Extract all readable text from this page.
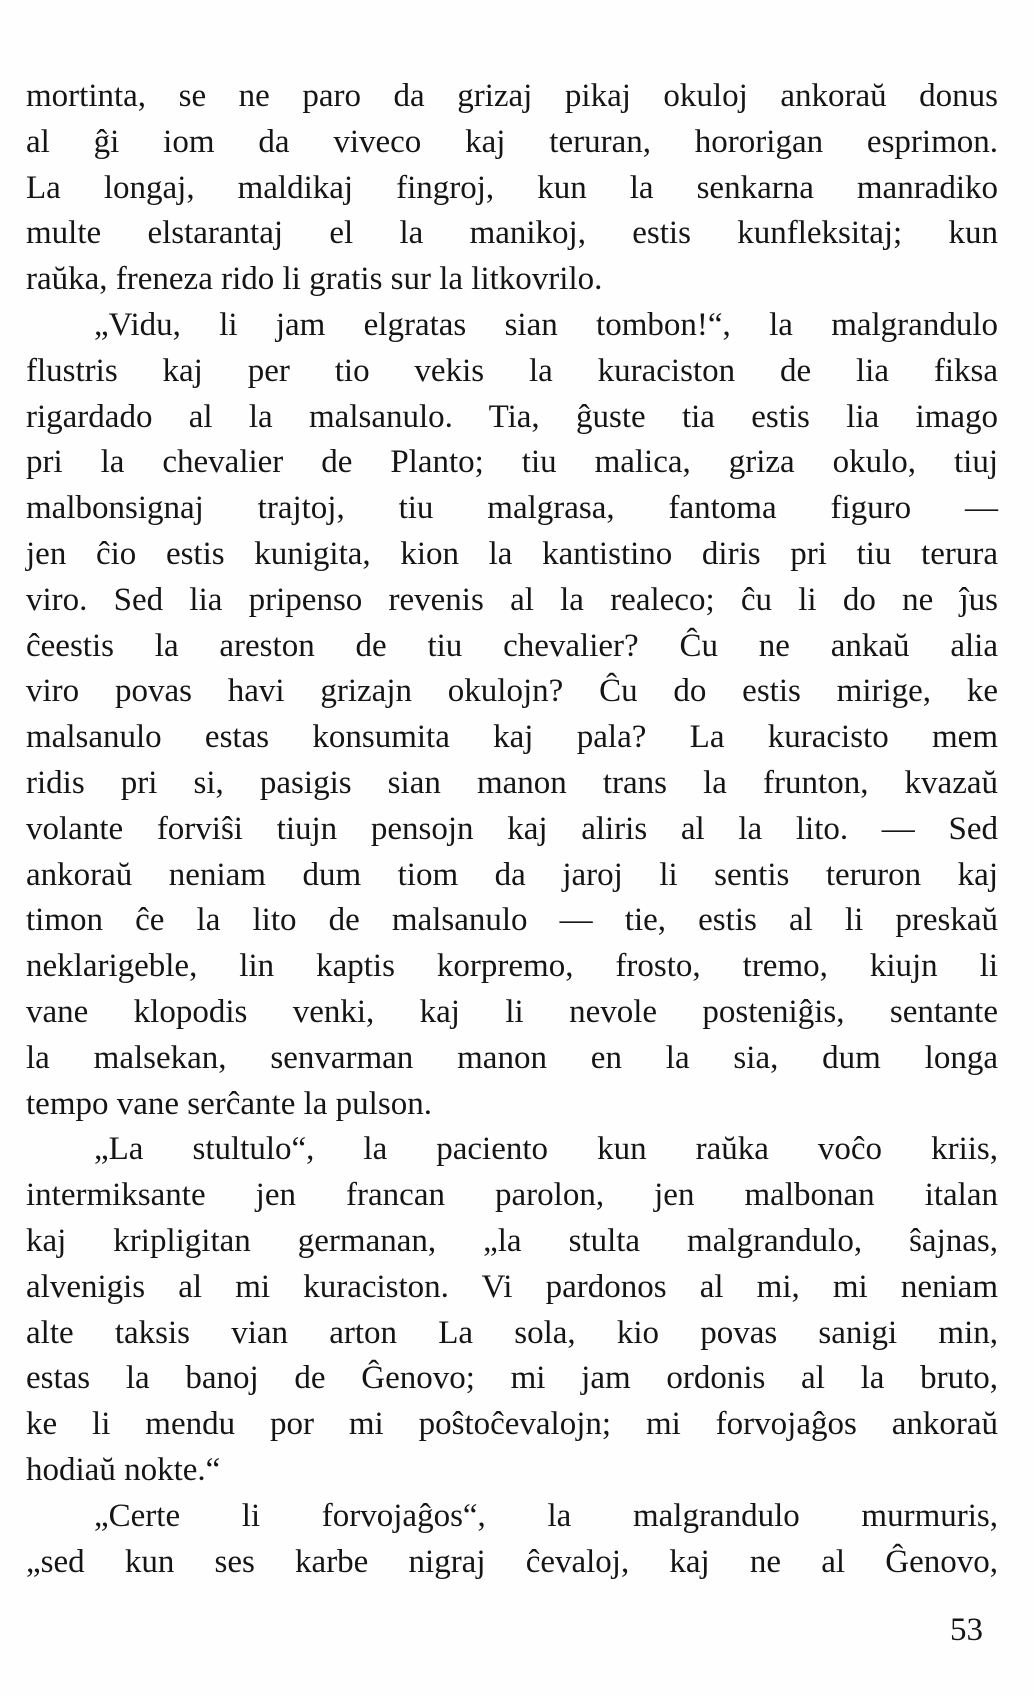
mortinta, se ne paro da grizaj pikaj okuloj ankoraŭ donus
al ĝi iom da viveco kaj teruran, hororigan esprimon.
La longaj, maldikaj fingroj, kun la senkarna manradiko
multe elstarantaj el la manikoj, estis kunfleksitaj; kun
raŭka, freneza rido li gratis sur la litkovrilo.
„Vidu, li jam elgratas sian tombon!“, la malgrandulo
flustris kaj per tio vekis la kuraciston de lia fiksa
rigardado al la malsanulo. Tia, ĝuste tia estis lia imago
pri la chevalier de Planto; tiu malica, griza okulo, tiuj
malbonsignaj trajtoj, tiu malgrasa, fantoma figuro —
jen ĉio estis kunigita, kion la kantistino diris pri tiu terura
viro. Sed lia pripenso revenis al la realeco; ĉu li do ne ĵus
ĉeestis la areston de tiu chevalier? Ĉu ne ankaŭ alia
viro povas havi grizajn okulojn? Ĉu do estis mirige, ke
malsanulo estas konsumita kaj pala? La kuracisto mem
ridis pri si, pasigis sian manon trans la frunton, kvazaŭ
volante forviŝi tiujn pensojn kaj aliris al la lito. — Sed
ankoraŭ neniam dum tiom da jaroj li sentis teruron kaj
timon ĉe la lito de malsanulo — tie, estis al li preskaŭ
neklarigeble, lin kaptis korpremo, frosto, tremo, kiujn li
vane klopodis venki, kaj li nevole posteniĝis, sentante
la malsekan, senvarman manon en la sia, dum longa
tempo vane serĉante la pulson.
„La stultulo“, la paciento kun raŭka voĉo kriis,
intermiksante jen francan parolon, jen malbonan italan
kaj kripligitan germanan, „la stulta malgrandulo, ŝajnas,
alvenigis al mi kuraciston. Vi pardonos al mi, mi neniam
alte taksis vian arton La sola, kio povas sanigi min,
estas la banoj de Ĝenovo; mi jam ordonis al la bruto,
ke li mendu por mi poŝtoĉevalojn; mi forvojaĝos ankoraŭ
hodiaŭ nokte.“
„Certe li forvojaĝos“, la malgrandulo murmuris,
„sed kun ses karbe nigraj ĉevaloj, kaj ne al Ĝenovo,
53
